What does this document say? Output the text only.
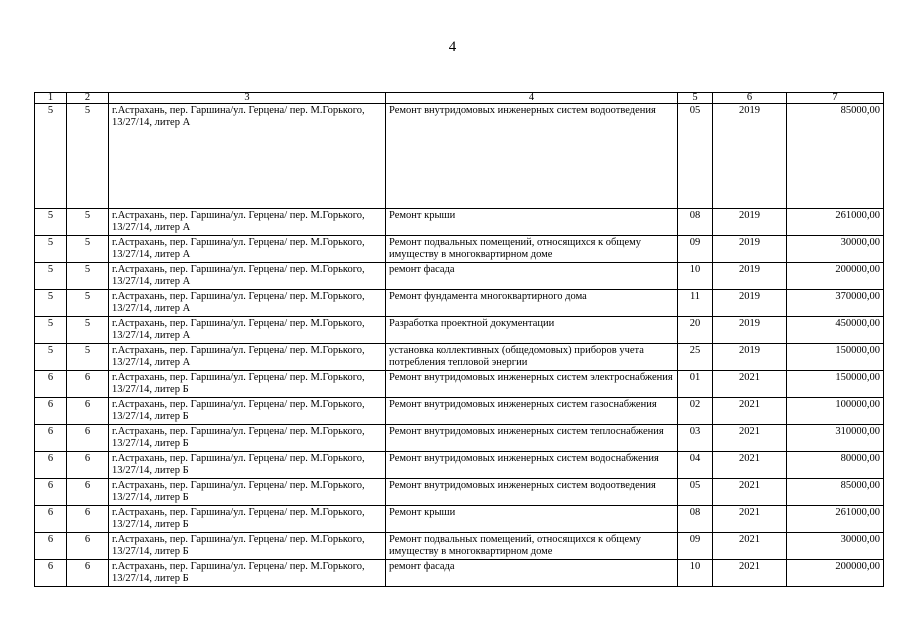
4
1	2	3	4	5	6	7
5	5	г.Астрахань, пер. Гаршина/ул. Герцена/ пер. М.Горького, 13/27/14, литер А	Ремонт внутридомовых инженерных систем водоотведения	05	2019	85000,00
5	5	г.Астрахань, пер. Гаршина/ул. Герцена/ пер. М.Горького, 13/27/14, литер А	Ремонт крыши	08	2019	261000,00
5	5	г.Астрахань, пер. Гаршина/ул. Герцена/ пер. М.Горького, 13/27/14, литер А	Ремонт подвальных помещений, относящихся к общему имуществу в многоквартирном доме	09	2019	30000,00
5	5	г.Астрахань, пер. Гаршина/ул. Герцена/ пер. М.Горького, 13/27/14, литер А	ремонт фасада	10	2019	200000,00
5	5	г.Астрахань, пер. Гаршина/ул. Герцена/ пер. М.Горького, 13/27/14, литер А	Ремонт фундамента многоквартирного дома	11	2019	370000,00
5	5	г.Астрахань, пер. Гаршина/ул. Герцена/ пер. М.Горького, 13/27/14, литер А	Разработка проектной документации	20	2019	450000,00
5	5	г.Астрахань, пер. Гаршина/ул. Герцена/ пер. М.Горького, 13/27/14, литер А	установка коллективных (общедомовых) приборов учета потребления тепловой энергии	25	2019	150000,00
6	6	г.Астрахань, пер. Гаршина/ул. Герцена/ пер. М.Горького, 13/27/14, литер Б	Ремонт внутридомовых инженерных систем электроснабжения	01	2021	150000,00
6	6	г.Астрахань, пер. Гаршина/ул. Герцена/ пер. М.Горького, 13/27/14, литер Б	Ремонт внутридомовых инженерных систем газоснабжения	02	2021	100000,00
6	6	г.Астрахань, пер. Гаршина/ул. Герцена/ пер. М.Горького, 13/27/14, литер Б	Ремонт внутридомовых инженерных систем теплоснабжения	03	2021	310000,00
6	6	г.Астрахань, пер. Гаршина/ул. Герцена/ пер. М.Горького, 13/27/14, литер Б	Ремонт внутридомовых инженерных систем водоснабжения	04	2021	80000,00
6	6	г.Астрахань, пер. Гаршина/ул. Герцена/ пер. М.Горького, 13/27/14, литер Б	Ремонт внутридомовых инженерных систем водоотведения	05	2021	85000,00
6	6	г.Астрахань, пер. Гаршина/ул. Герцена/ пер. М.Горького, 13/27/14, литер Б	Ремонт крыши	08	2021	261000,00
6	6	г.Астрахань, пер. Гаршина/ул. Герцена/ пер. М.Горького, 13/27/14, литер Б	Ремонт подвальных помещений, относящихся к общему имуществу в многоквартирном доме	09	2021	30000,00
6	6	г.Астрахань, пер. Гаршина/ул. Герцена/ пер. М.Горького, 13/27/14, литер Б	ремонт фасада	10	2021	200000,00
